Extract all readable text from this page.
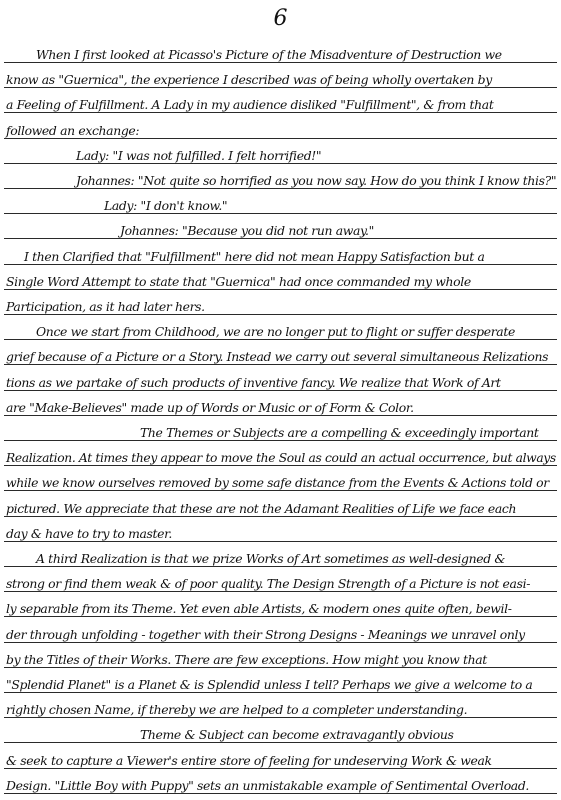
6
When I first looked at Picasso's Picture of the Misadventure of Destruction we
know as "Guernica", the experience I described was of being wholly overtaken by
a Feeling of Fulfillment. A Lady in my audience disliked "Fulfillment", & from that
followed an exchange:
Lady: "I was not fulfilled. I felt horrified!"
Johannes: "Not quite so horrified as you now say. How do you think I know this?"
Lady: "I don't know."
Johannes: "Because you did not run away."
I then Clarified that "Fulfillment" here did not mean Happy Satisfaction but a
Single Word Attempt to state that "Guernica" had once commanded my whole
Participation, as it had later hers.
Once we start from Childhood, we are no longer put to flight or suffer desperate
grief because of a Picture or a Story. Instead we carry out several simultaneous Relizations
tions as we partake of such products of inventive fancy. We realize that Work of Art
are "Make-Believes" made up of Words or Music or of Form & Color.
The Themes or Subjects are a compelling & exceedingly important
Realization. At times they appear to move the Soul as could an actual occurrence, but always
while we know ourselves removed by some safe distance from the Events & Actions told or
pictured. We appreciate that these are not the Adamant Realities of Life we face each
day & have to try to master.
A third Realization is that we prize Works of Art sometimes as well-designed &
strong or find them weak & of poor quality. The Design Strength of a Picture is not easi-
ly separable from its Theme. Yet even able Artists, & modern ones quite often, bewil-
der through unfolding - together with their Strong Designs - Meanings we unravel only
by the Titles of their Works. There are few exceptions. How might you know that
"Splendid Planet" is a Planet & is Splendid unless I tell? Perhaps we give a welcome to a
rightly chosen Name, if thereby we are helped to a completer understanding.
Theme & Subject can become extravagantly obvious
& seek to capture a Viewer's entire store of feeling for undeserving Work & weak
Design. "Little Boy with Puppy" sets an unmistakable example of Sentimental Overload.
